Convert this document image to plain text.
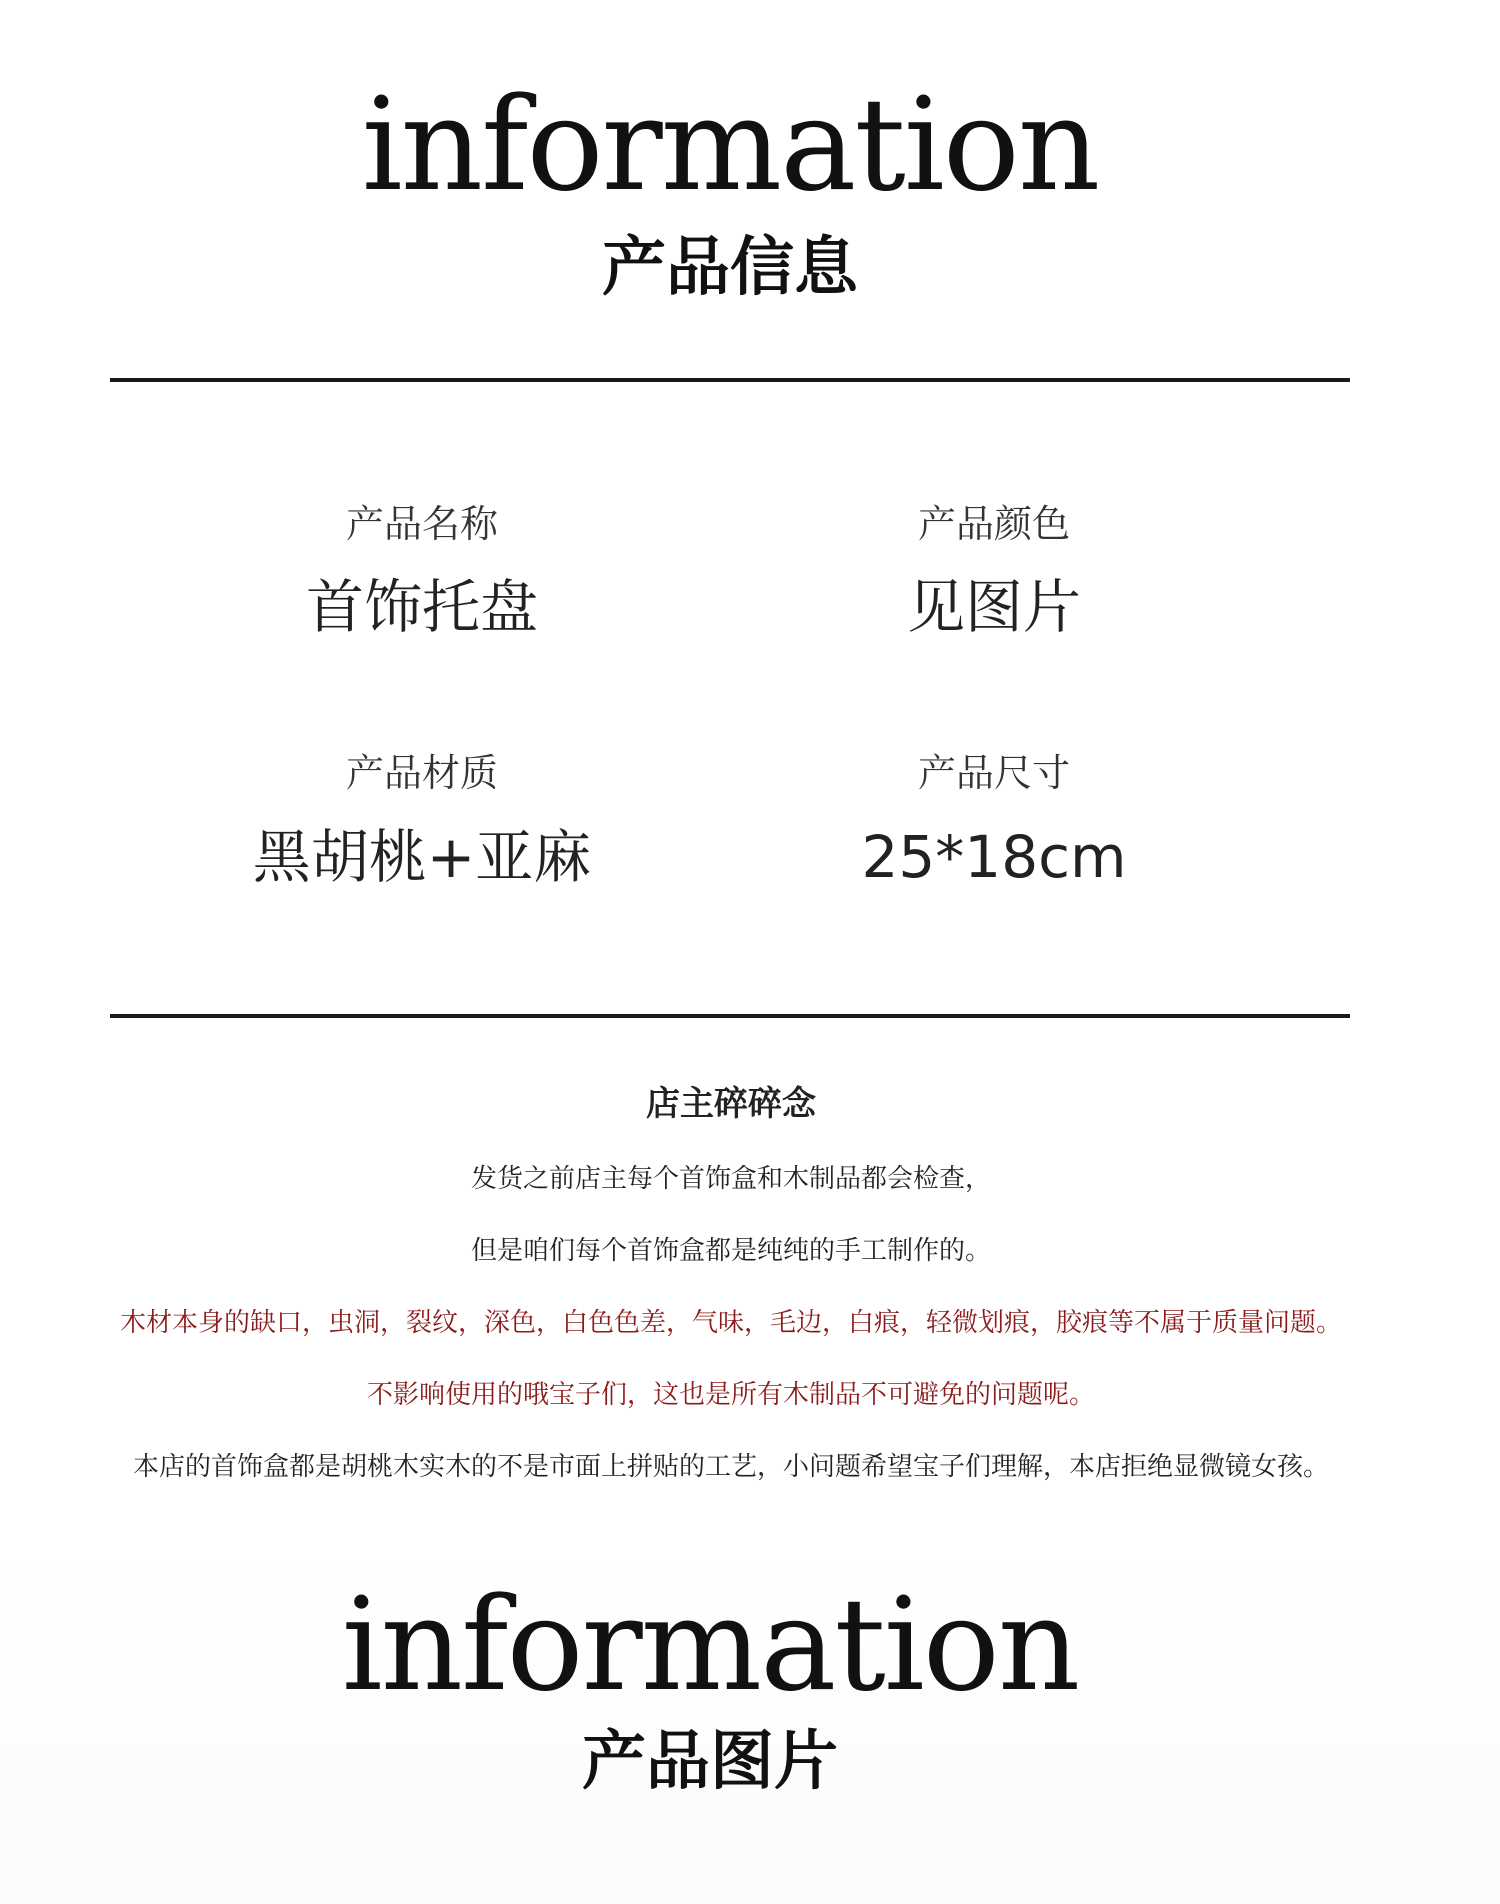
information
产品信息
产品名称
首饰托盘
产品颜色
见图片
产品材质
黑胡桃+亚麻
产品尺寸
25*18cm
店主碎碎念
发货之前店主每个首饰盒和木制品都会检查，
但是咱们每个首饰盒都是纯纯的手工制作的。
木材本身的缺口，虫洞，裂纹，深色，白色色差，气味，毛边，白痕，轻微划痕，胶痕等不属于质量问题。
不影响使用的哦宝子们，这也是所有木制品不可避免的问题呢。
本店的首饰盒都是胡桃木实木的不是市面上拼贴的工艺，小问题希望宝子们理解，本店拒绝显微镜女孩。
information
产品图片
